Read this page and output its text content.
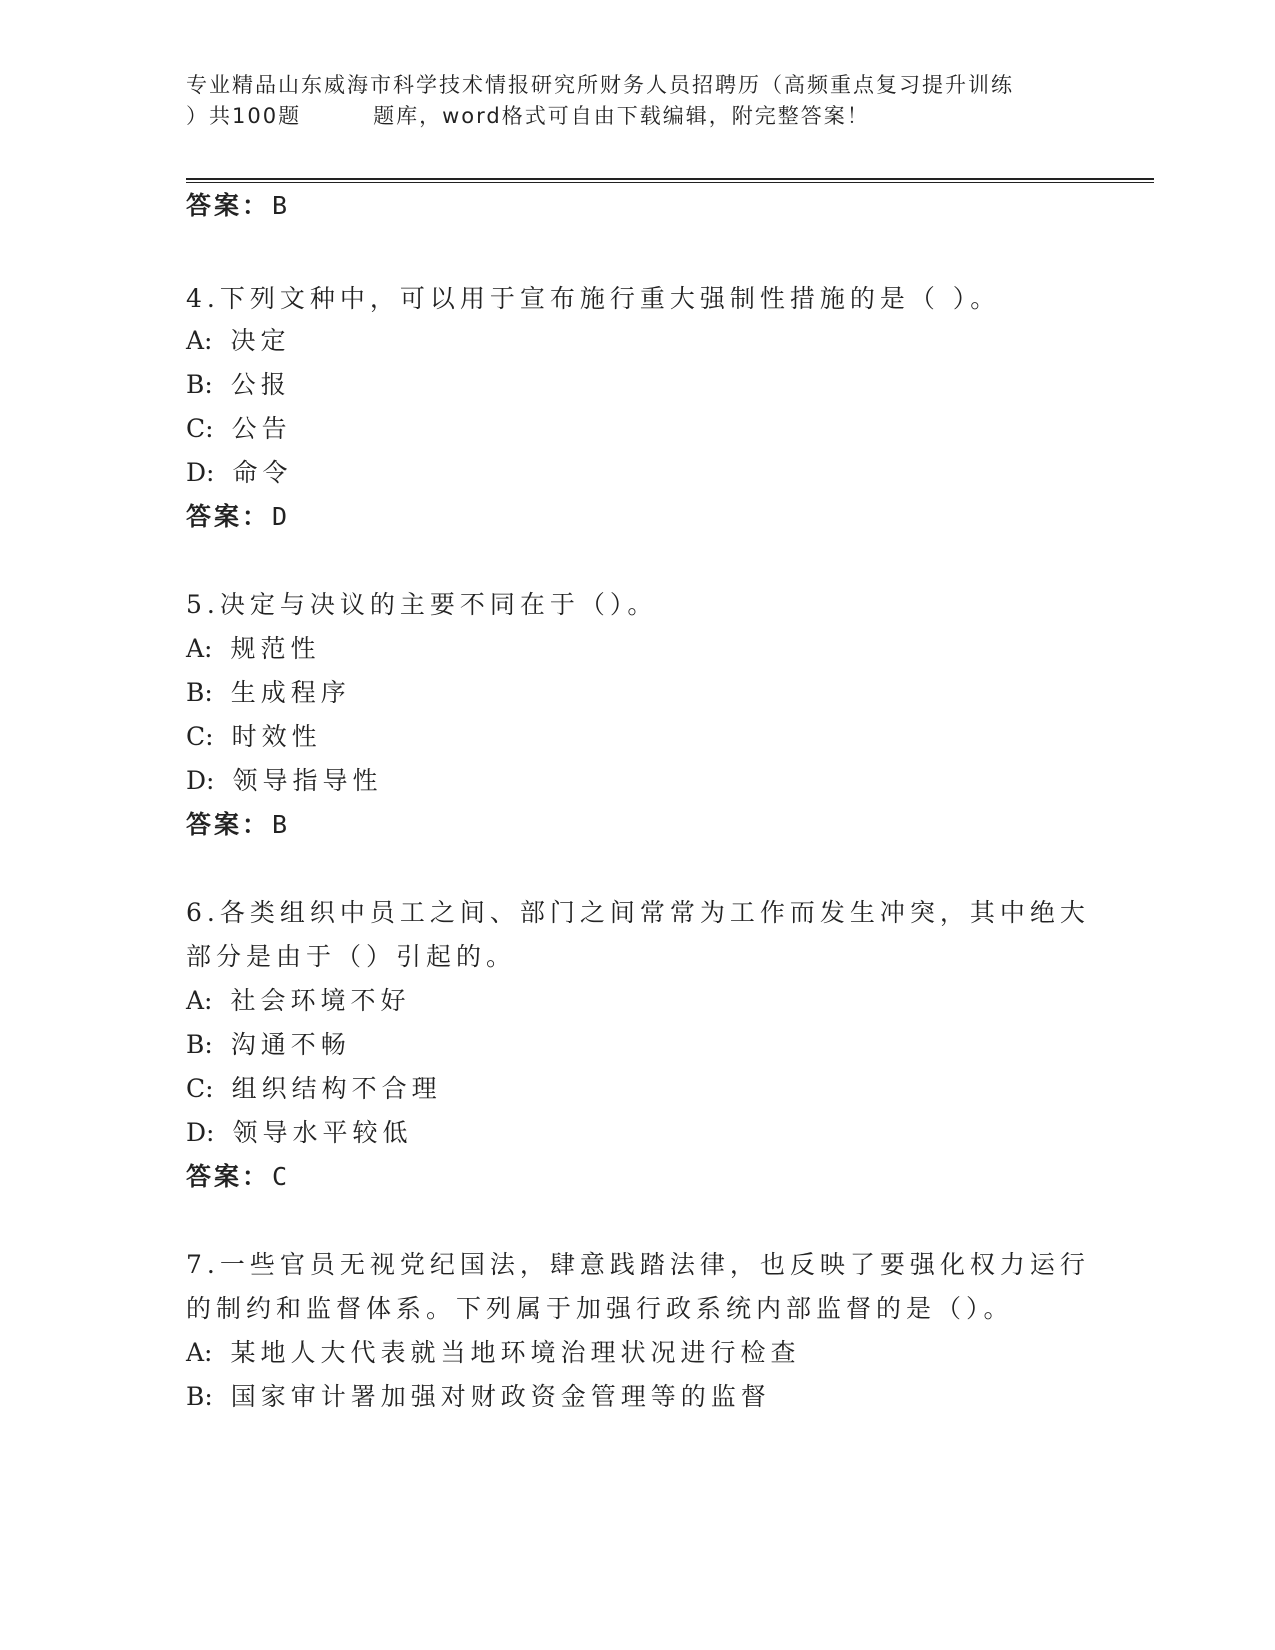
专业精品山东威海市科学技术情报研究所财务人员招聘历（高频重点复习提升训练
）共100题	题库，word格式可自由下载编辑，附完整答案！
答案：B
4.下列文种中，可以用于宣布施行重大强制性措施的是（ ）。
A: 决定
B: 公报
C: 公告
D: 命令
答案：D
5.决定与决议的主要不同在于（）。
A: 规范性
B: 生成程序
C: 时效性
D: 领导指导性
答案：B
6.各类组织中员工之间、部门之间常常为工作而发生冲突，其中绝大
部分是由于（）引起的。
A: 社会环境不好
B: 沟通不畅
C: 组织结构不合理
D: 领导水平较低
答案：C
7.一些官员无视党纪国法，肆意践踏法律，也反映了要强化权力运行
的制约和监督体系。下列属于加强行政系统内部监督的是（）。
A: 某地人大代表就当地环境治理状况进行检查
B: 国家审计署加强对财政资金管理等的监督
